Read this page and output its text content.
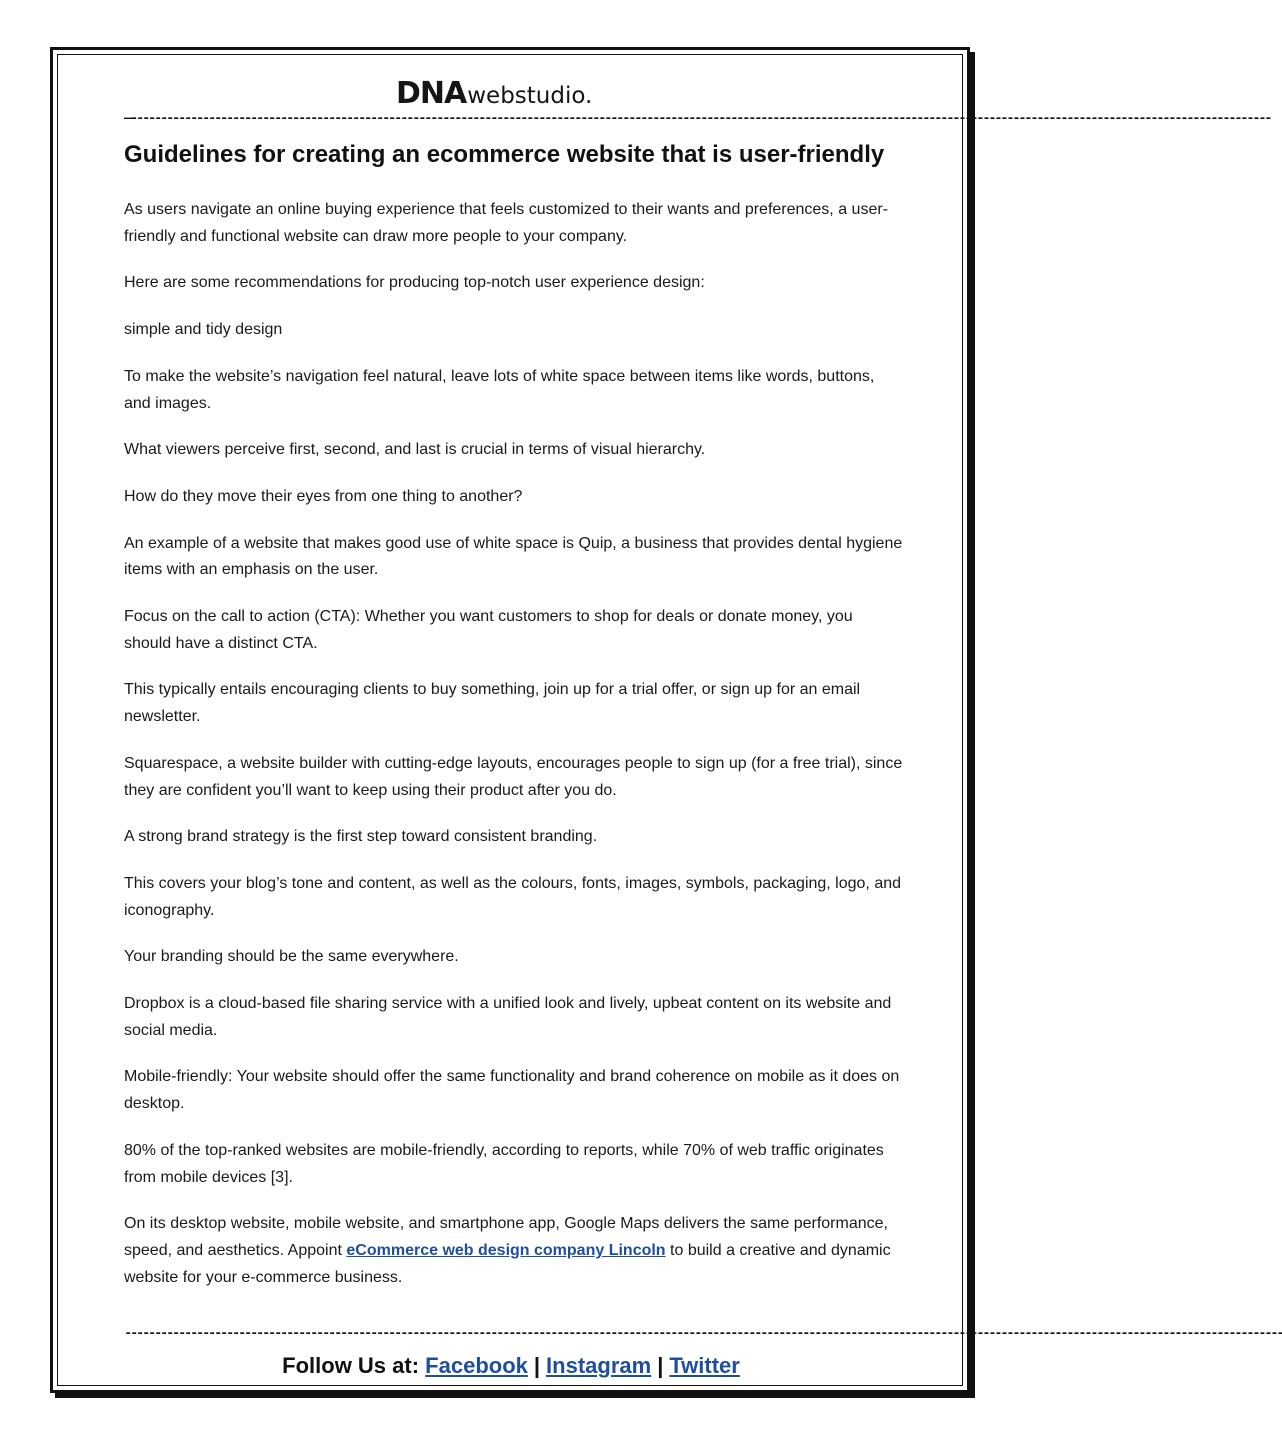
DNA webstudio.
—----------------------------------------------------------------------------------------------------------------------------------------------------------------------------------------------
Guidelines for creating an ecommerce website that is user-friendly

As users navigate an online buying experience that feels customized to their wants and preferences, a user-friendly and functional website can draw more people to your company.

Here are some recommendations for producing top-notch user experience design:

simple and tidy design

To make the website’s navigation feel natural, leave lots of white space between items like words, buttons, and images.

What viewers perceive first, second, and last is crucial in terms of visual hierarchy.

How do they move their eyes from one thing to another?

An example of a website that makes good use of white space is Quip, a business that provides dental hygiene items with an emphasis on the user.

Focus on the call to action (CTA): Whether you want customers to shop for deals or donate money, you should have a distinct CTA.

This typically entails encouraging clients to buy something, join up for a trial offer, or sign up for an email newsletter.

Squarespace, a website builder with cutting-edge layouts, encourages people to sign up (for a free trial), since they are confident you’ll want to keep using their product after you do.

A strong brand strategy is the first step toward consistent branding.

This covers your blog’s tone and content, as well as the colours, fonts, images, symbols, packaging, logo, and iconography.

Your branding should be the same everywhere.

Dropbox is a cloud-based file sharing service with a unified look and lively, upbeat content on its website and social media.

Mobile-friendly: Your website should offer the same functionality and brand coherence on mobile as it does on desktop.

80% of the top-ranked websites are mobile-friendly, according to reports, while 70% of web traffic originates from mobile devices [3].

On its desktop website, mobile website, and smartphone app, Google Maps delivers the same performance, speed, and aesthetics. Appoint eCommerce web design company Lincoln to build a creative and dynamic website for your e-commerce business.

-------------------------------------------------------------------------------------------------------------------------------------------------------------------------------------------------
Follow Us at: Facebook | Instagram | Twitter
